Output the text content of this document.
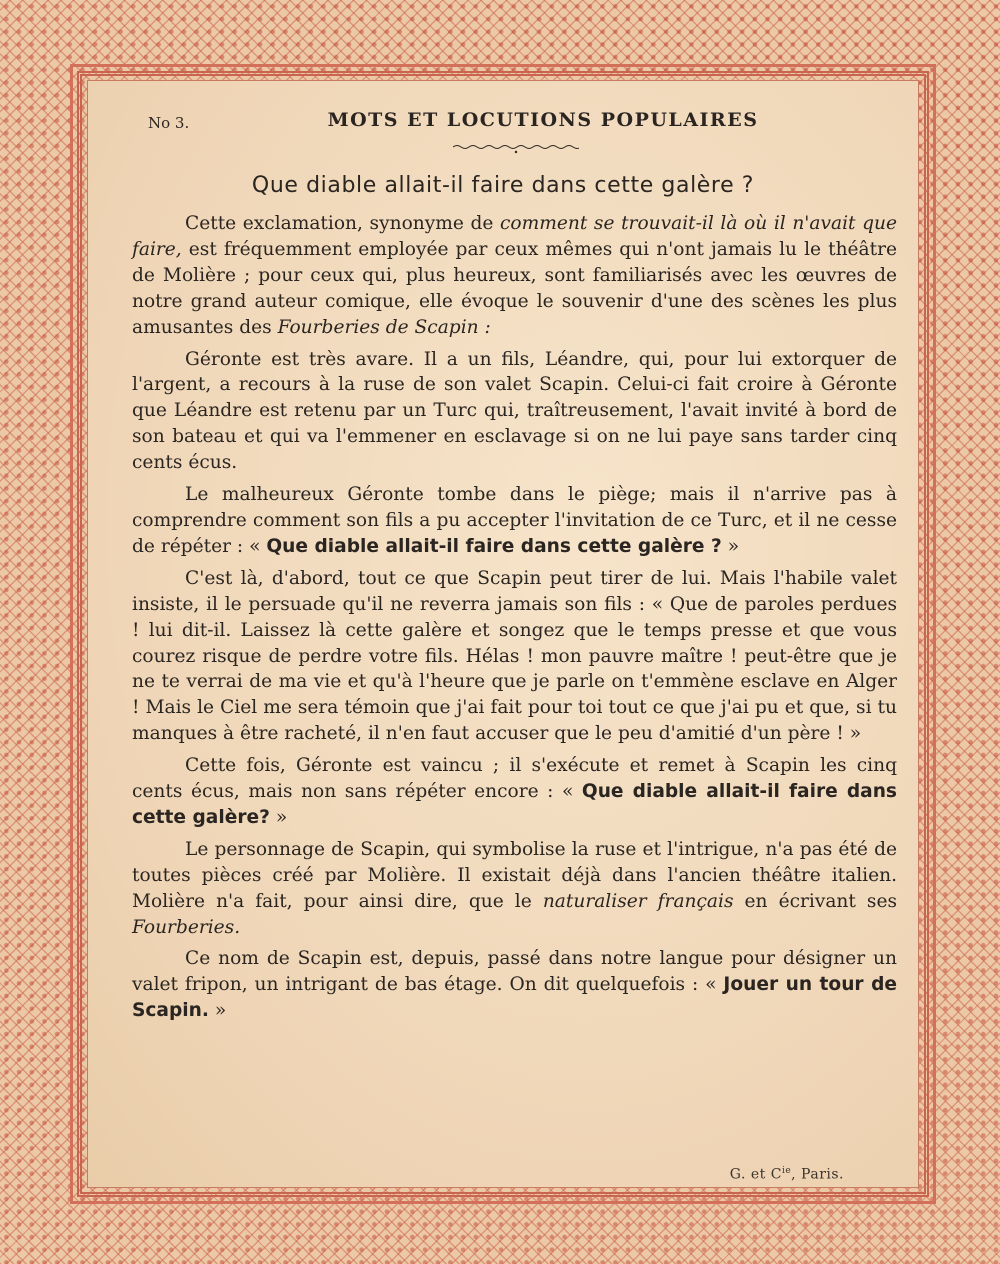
No 3.	MOTS ET LOCUTIONS POPULAIRES
Que diable allait-il faire dans cette galère ?

Cette exclamation, synonyme de comment se trouvait-il là où il n'avait que faire, est fréquemment employée par ceux mêmes qui n'ont jamais lu le théâtre de Molière ; pour ceux qui, plus heureux, sont familiarisés avec les œuvres de notre grand auteur comique, elle évoque le souvenir d'une des scènes les plus amusantes des Fourberies de Scapin :

Géronte est très avare. Il a un fils, Léandre, qui, pour lui extorquer de l'argent, a recours à la ruse de son valet Scapin. Celui-ci fait croire à Géronte que Léandre est retenu par un Turc qui, traîtreusement, l'avait invité à bord de son bateau et qui va l'emmener en esclavage si on ne lui paye sans tarder cinq cents écus.

Le malheureux Géronte tombe dans le piège; mais il n'arrive pas à comprendre comment son fils a pu accepter l'invitation de ce Turc, et il ne cesse de répéter : « Que diable allait-il faire dans cette galère ? »

C'est là, d'abord, tout ce que Scapin peut tirer de lui. Mais l'habile valet insiste, il le persuade qu'il ne reverra jamais son fils : « Que de paroles perdues ! lui dit-il. Laissez là cette galère et songez que le temps presse et que vous courez risque de perdre votre fils. Hélas ! mon pauvre maître ! peut-être que je ne te verrai de ma vie et qu'à l'heure que je parle on t'emmène esclave en Alger ! Mais le Ciel me sera témoin que j'ai fait pour toi tout ce que j'ai pu et que, si tu manques à être racheté, il n'en faut accuser que le peu d'amitié d'un père ! »

Cette fois, Géronte est vaincu ; il s'exécute et remet à Scapin les cinq cents écus, mais non sans répéter encore : « Que diable allait-il faire dans cette galère? »

Le personnage de Scapin, qui symbolise la ruse et l'intrigue, n'a pas été de toutes pièces créé par Molière. Il existait déjà dans l'ancien théâtre italien. Molière n'a fait, pour ainsi dire, que le naturaliser français en écrivant ses Fourberies.

Ce nom de Scapin est, depuis, passé dans notre langue pour désigner un valet fripon, un intrigant de bas étage. On dit quelquefois : « Jouer un tour de Scapin. »

G. et $C^{ie}$, Paris.
